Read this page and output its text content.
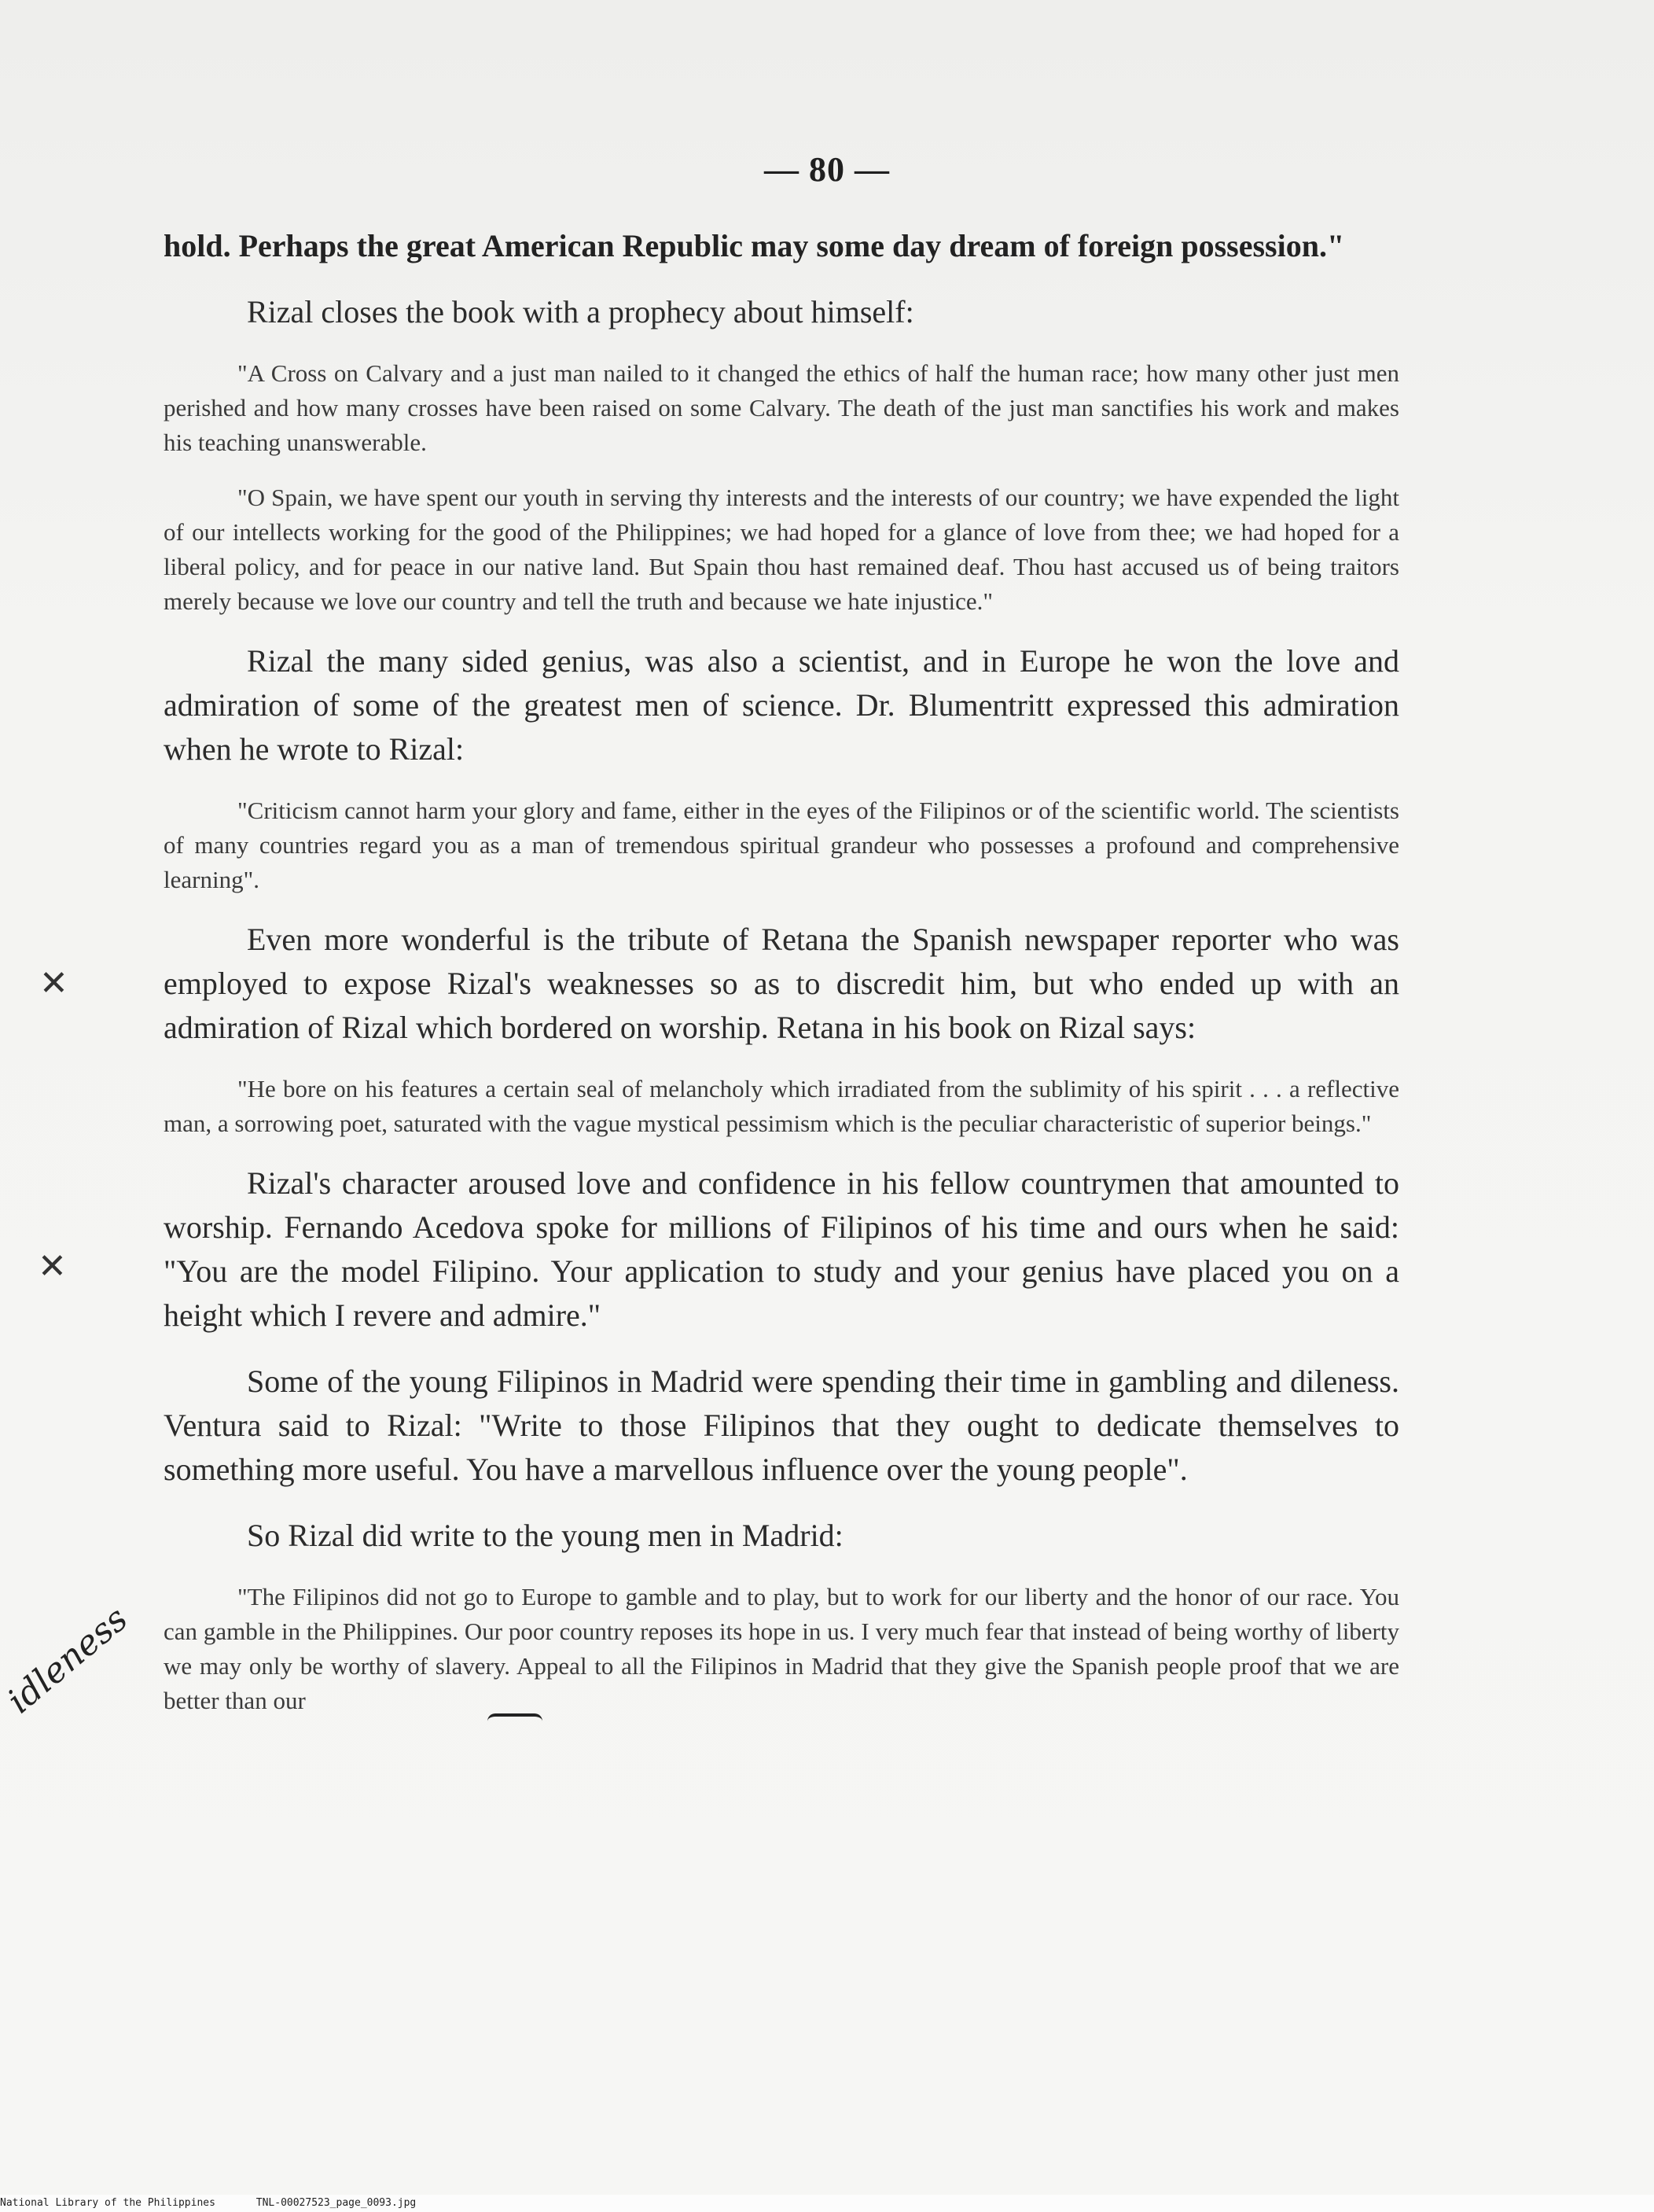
— 80 —

hold. Perhaps the great American Republic may some day dream of foreign possession."

Rizal closes the book with a prophecy about himself:

"A Cross on Calvary and a just man nailed to it changed the ethics of half the human race; how many other just men perished and how many crosses have been raised on some Calvary. The death of the just man sanctifies his work and makes his teaching unanswerable.

"O Spain, we have spent our youth in serving thy interests and the interests of our country; we have expended the light of our intellects working for the good of the Philippines; we had hoped for a glance of love from thee; we had hoped for a liberal policy, and for peace in our native land. But Spain thou hast remained deaf. Thou hast accused us of being traitors merely because we love our country and tell the truth and because we hate injustice."

Rizal the many sided genius, was also a scientist, and in Europe he won the love and admiration of some of the greatest men of science. Dr. Blumentritt expressed this admiration when he wrote to Rizal:

"Criticism cannot harm your glory and fame, either in the eyes of the Filipinos or of the scientific world. The scientists of many countries regard you as a man of tremendous spiritual grandeur who possesses a profound and comprehensive learning".

Even more wonderful is the tribute of Retana the Spanish newspaper reporter who was employed to expose Rizal's weaknesses so as to discredit him, but who ended up with an admiration of Rizal which bordered on worship. Retana in his book on Rizal says:

"He bore on his features a certain seal of melancholy which irradiated from the sublimity of his spirit . . . a reflective man, a sorrowing poet, saturated with the vague mystical pessimism which is the peculiar characteristic of superior beings."

Rizal's character aroused love and confidence in his fellow countrymen that amounted to worship. Fernando Acedova spoke for millions of Filipinos of his time and ours when he said: "You are the model Filipino. Your application to study and your genius have placed you on a height which I revere and admire."

Some of the young Filipinos in Madrid were spending their time in gambling and dileness. Ventura said to Rizal: "Write to those Filipinos that they ought to dedicate themselves to something more useful. You have a marvellous influence over the young people".

So Rizal did write to the young men in Madrid:

"The Filipinos did not go to Europe to gamble and to play, but to work for our liberty and the honor of our race. You can gamble in the Philippines. Our poor country reposes its hope in us. I very much fear that instead of being worthy of liberty we may only be worthy of slavery. Appeal to all the Filipinos in Madrid that they give the Spanish people proof that we are better than our

✕
✕
idleness
National Library of the Philippines	TNL-00027523_page_0093.jpg
